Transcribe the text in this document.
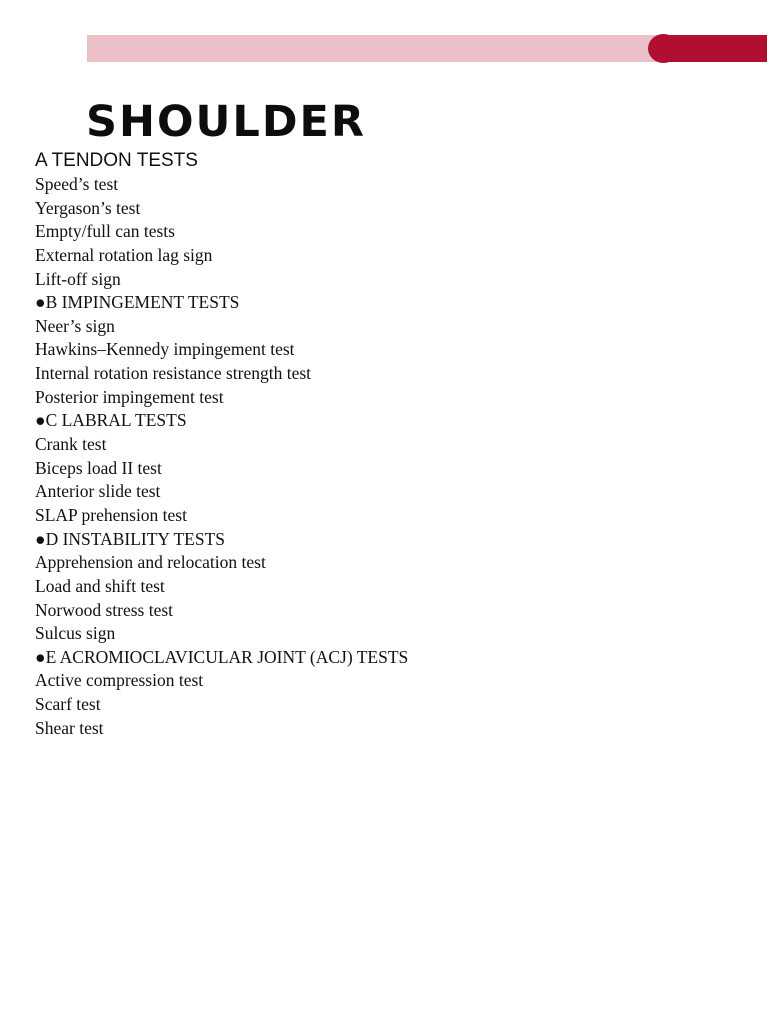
SHOULDER
A TENDON TESTS
Speed’s test
Yergason’s test
Empty/full can tests
External rotation lag sign
Lift-off sign
●B IMPINGEMENT TESTS
Neer’s sign
Hawkins–Kennedy impingement test
Internal rotation resistance strength test
Posterior impingement test
●C LABRAL TESTS
Crank test
Biceps load II test
Anterior slide test
SLAP prehension test
●D INSTABILITY TESTS
Apprehension and relocation test
Load and shift test
Norwood stress test
Sulcus sign
●E ACROMIOCLAVICULAR JOINT (ACJ) TESTS
Active compression test
Scarf test
Shear test
